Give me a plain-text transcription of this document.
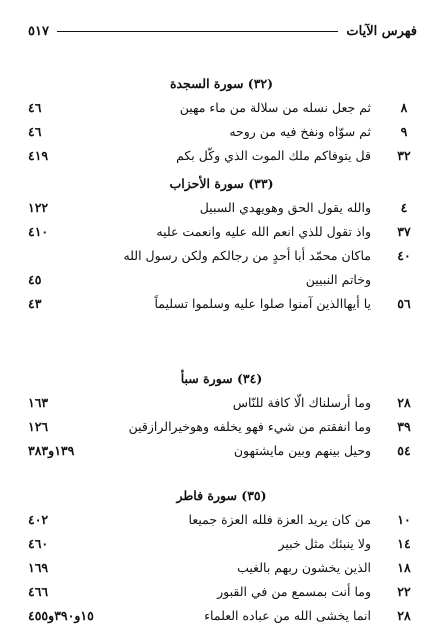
فهرس الآيات
٥١٧
(٣٢) سورة السجدة
٨
ثم جعل نسله من سلالة من ماء مهين
٤٦
٩
ثم سوّاه ونفخ فيه من روحه
٤٦
٣٢
قل يتوفاكم ملك الموت الذي وكّل بكم
٤١٩
(٣٣) سورة الأحزاب
٤
والله يقول الحق وهويهدي السبيل
١٢٢
٣٧
واذ تقول للذي انعم الله عليه وانعمت عليه
٤١٠
٤٠
ماكان محمّد أبا أحدٍ من رجالكم ولكن رسول الله
وخاتم النبيين
٤٥
٥٦
يا أيهاالذين آمنوا صلوا عليه وسلموا تسليماً
٤٣
(٣٤) سورة سبأ
٢٨
وما أرسلناك الّا كافة للنّاس
١٦٣
٣٩
وما انفقتم من شيء فهو يخلفه وهوخيرالرازقين
١٢٦
٥٤
وحيل بينهم وبين مايشتهون
١٣٩و٣٨٣
(٣٥) سورة فاطر
١٠
من كان يريد العزة فلله العزة جميعا
٤٠٢
١٤
ولا ينبئك مثل خبير
٤٦٠
١٨
الذين يخشون ربهم بالغيب
١٦٩
٢٢
وما أنت بمسمع من في القبور
٤٦٦
٢٨
انما يخشى الله من عباده العلماء
١٥و٣٩٠و٤٥٥
